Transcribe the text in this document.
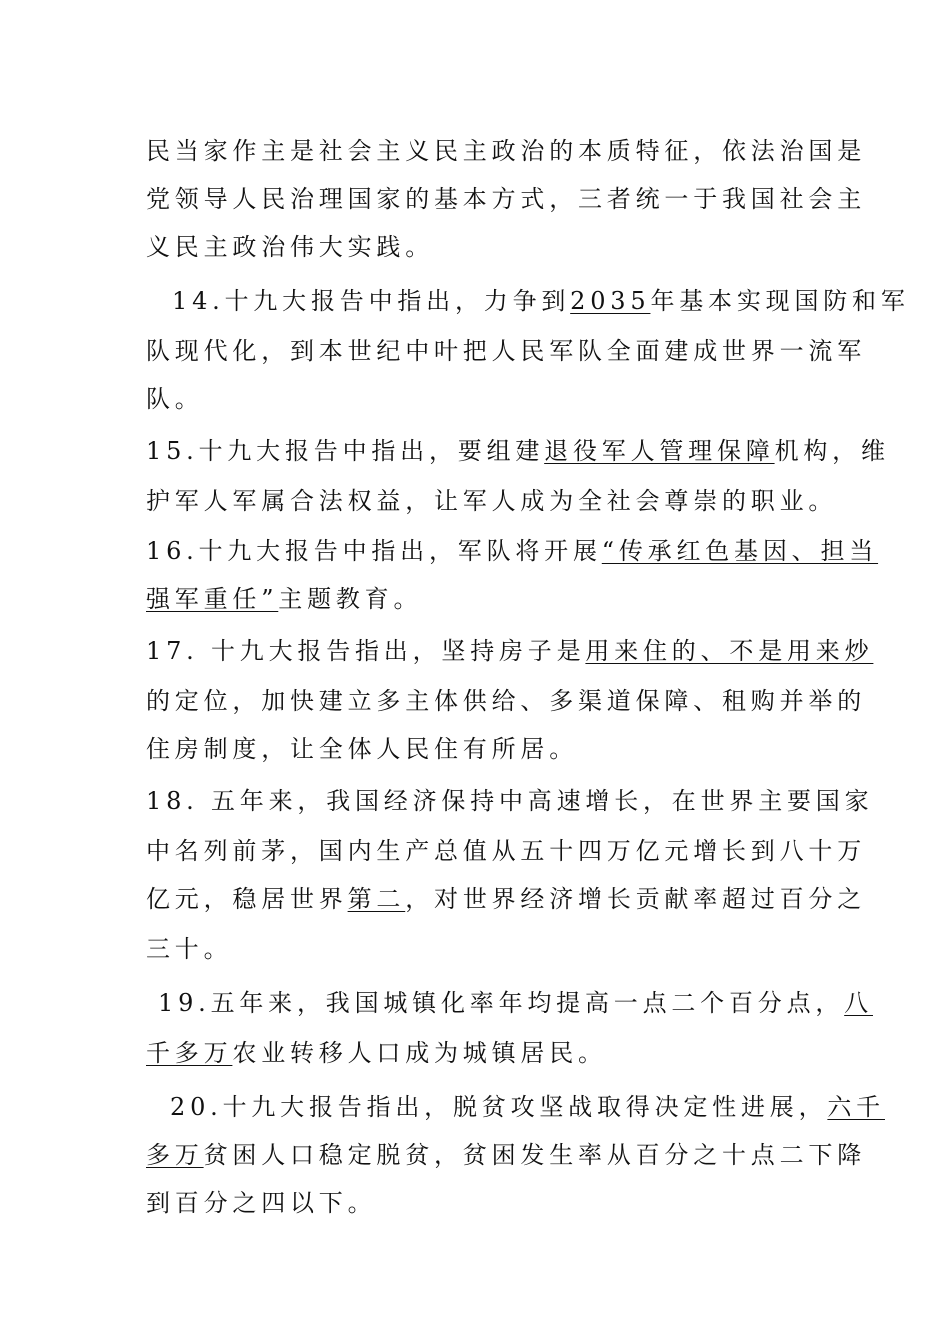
民当家作主是社会主义民主政治的本质特征，依法治国是

党领导人民治理国家的基本方式，三者统一于我国社会主

义民主政治伟大实践。

14.十九大报告中指出，力争到2035年基本实现国防和军

队现代化，到本世纪中叶把人民军队全面建成世界一流军

队。

15.十九大报告中指出，要组建退役军人管理保障机构，维

护军人军属合法权益，让军人成为全社会尊崇的职业。

16.十九大报告中指出，军队将开展“传承红色基因、担当

强军重任”主题教育。

17. 十九大报告指出，坚持房子是用来住的、不是用来炒

的定位，加快建立多主体供给、多渠道保障、租购并举的

住房制度，让全体人民住有所居。

18. 五年来，我国经济保持中高速增长，在世界主要国家

中名列前茅，国内生产总值从五十四万亿元增长到八十万

亿元，稳居世界第二，对世界经济增长贡献率超过百分之

三十。

19.五年来，我国城镇化率年均提高一点二个百分点，八

千多万农业转移人口成为城镇居民。

20.十九大报告指出，脱贫攻坚战取得决定性进展，六千

多万贫困人口稳定脱贫，贫困发生率从百分之十点二下降

到百分之四以下。
